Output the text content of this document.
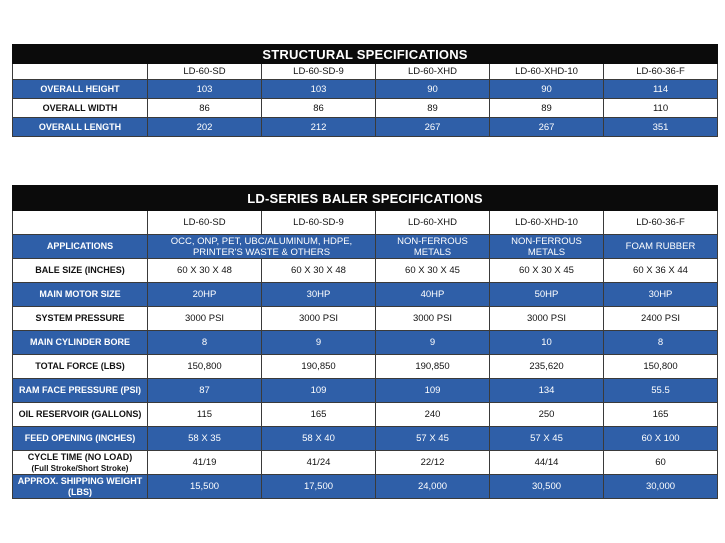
STRUCTURAL SPECIFICATIONS					
	LD-60-SD	LD-60-SD-9	LD-60-XHD	LD-60-XHD-10	LD-60-36-F
OVERALL HEIGHT	103	103	90	90	114
OVERALL WIDTH	86	86	89	89	110
OVERALL LENGTH	202	212	267	267	351
LD-SERIES BALER SPECIFICATIONS					
	LD-60-SD	LD-60-SD-9	LD-60-XHD	LD-60-XHD-10	LD-60-36-F
APPLICATIONS	OCC, ONP, PET, UBC/ALUMINUM, HDPE, PRINTER'S WASTE & OTHERS		NON-FERROUS METALS	NON-FERROUS METALS	FOAM RUBBER
BALE SIZE (INCHES)	60 X 30 X 48	60 X 30 X 48	60 X 30 X 45	60 X 30 X 45	60 X 36 X 44
MAIN MOTOR SIZE	20HP	30HP	40HP	50HP	30HP
SYSTEM PRESSURE	3000 PSI	3000 PSI	3000 PSI	3000 PSI	2400 PSI
MAIN CYLINDER BORE	8	9	9	10	8
TOTAL FORCE (LBS)	150,800	190,850	190,850	235,620	150,800
RAM FACE PRESSURE (PSI)	87	109	109	134	55.5
OIL RESERVOIR (GALLONS)	115	165	240	250	165
FEED OPENING (INCHES)	58 X 35	58 X 40	57 X 45	57 X 45	60 X 100

CYCLE TIME (NO LOAD)
(Full Stroke/Short Stroke)	41/19	41/24	22/12	44/14	60
APPROX. SHIPPING WEIGHT (LBS)	15,500	17,500	24,000	30,500	30,000
